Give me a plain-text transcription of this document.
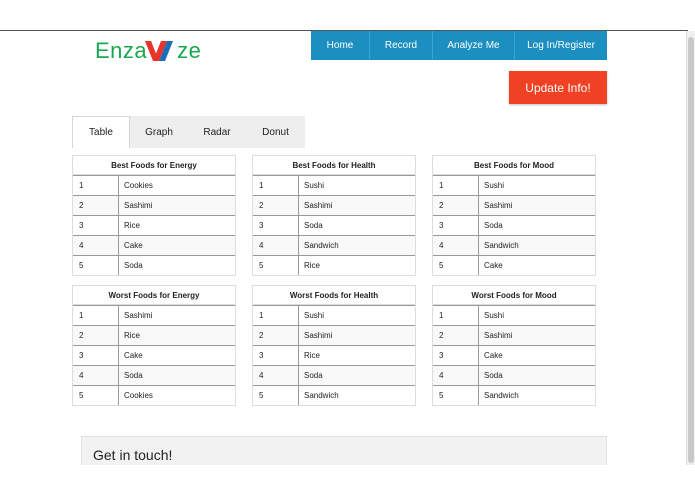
Enza ze	Home	Record	Analyze Me	Log In/Register
Update Info!
Table	Graph	Radar	Donut
Best Foods for Energy
1	Cookies
2	Sashimi
3	Rice
4	Cake
5	Soda
Best Foods for Health
1	Sushi
2	Sashimi
3	Soda
4	Sandwich
5	Rice
Best Foods for Mood
1	Sushi
2	Sashimi
3	Soda
4	Sandwich
5	Cake
Worst Foods for Energy
1	Sashimi
2	Rice
3	Cake
4	Soda
5	Cookies
Worst Foods for Health
1	Sushi
2	Sashimi
3	Rice
4	Soda
5	Sandwich
Worst Foods for Mood
1	Sushi
2	Sashimi
3	Cake
4	Soda
5	Sandwich
Get in touch!
